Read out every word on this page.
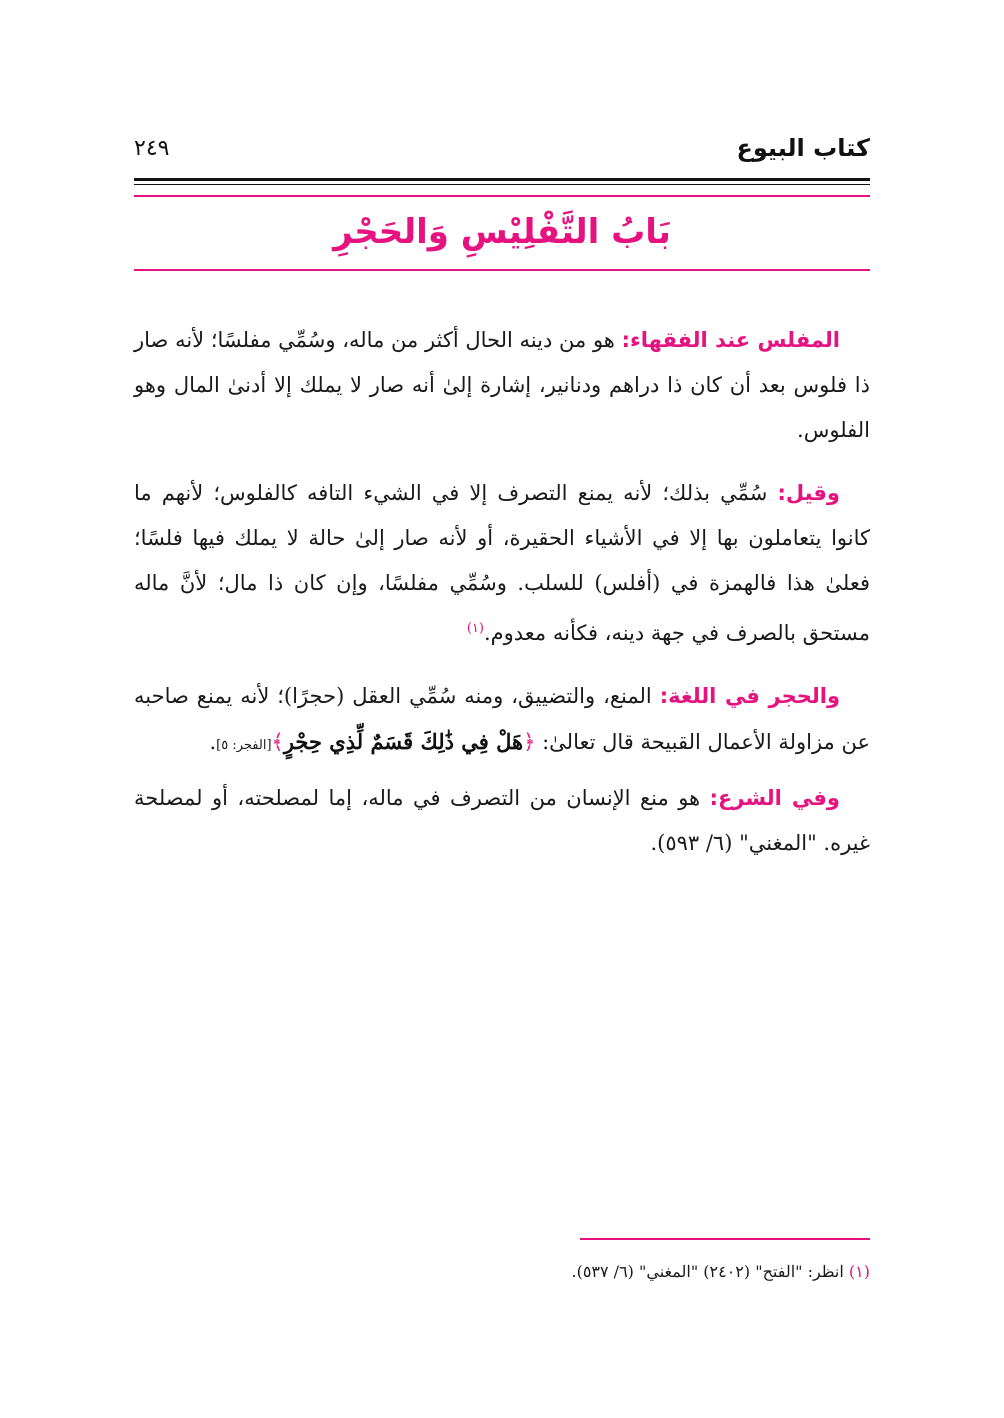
كتاب البيوع
٢٤٩
بَابُ التَّفْلِيْسِ وَالحَجْرِ

المفلس عند الفقهاء: هو من دينه الحال أكثر من ماله، وسُمِّي مفلسًا؛ لأنه صار ذا فلوس بعد أن كان ذا دراهم ودنانير، إشارة إلىٰ أنه صار لا يملك إلا أدنىٰ المال وهو الفلوس.

وقيل: سُمِّي بذلك؛ لأنه يمنع التصرف إلا في الشيء التافه كالفلوس؛ لأنهم ما كانوا يتعاملون بها إلا في الأشياء الحقيرة، أو لأنه صار إلىٰ حالة لا يملك فيها فلسًا؛ فعلىٰ هذا فالهمزة في (أفلس) للسلب. وسُمِّي مفلسًا، وإن كان ذا مال؛ لأنَّ ماله مستحق بالصرف في جهة دينه، فكأنه معدوم.$^{(١)}$

والحجر في اللغة: المنع، والتضييق، ومنه سُمِّي العقل (حجرًا)؛ لأنه يمنع صاحبه عن مزاولة الأعمال القبيحة قال تعالىٰ: ﴿هَلْ فِي ذَٰلِكَ قَسَمٌ لِّذِي حِجْرٍ﴾[الفجر: ٥].

وفي الشرع: هو منع الإنسان من التصرف في ماله، إما لمصلحته، أو لمصلحة غيره. "المغني" (٦/ ٥٩٣).

(١) انظر: "الفتح" (٢٤٠٢) "المغني" (٦/ ٥٣٧).
